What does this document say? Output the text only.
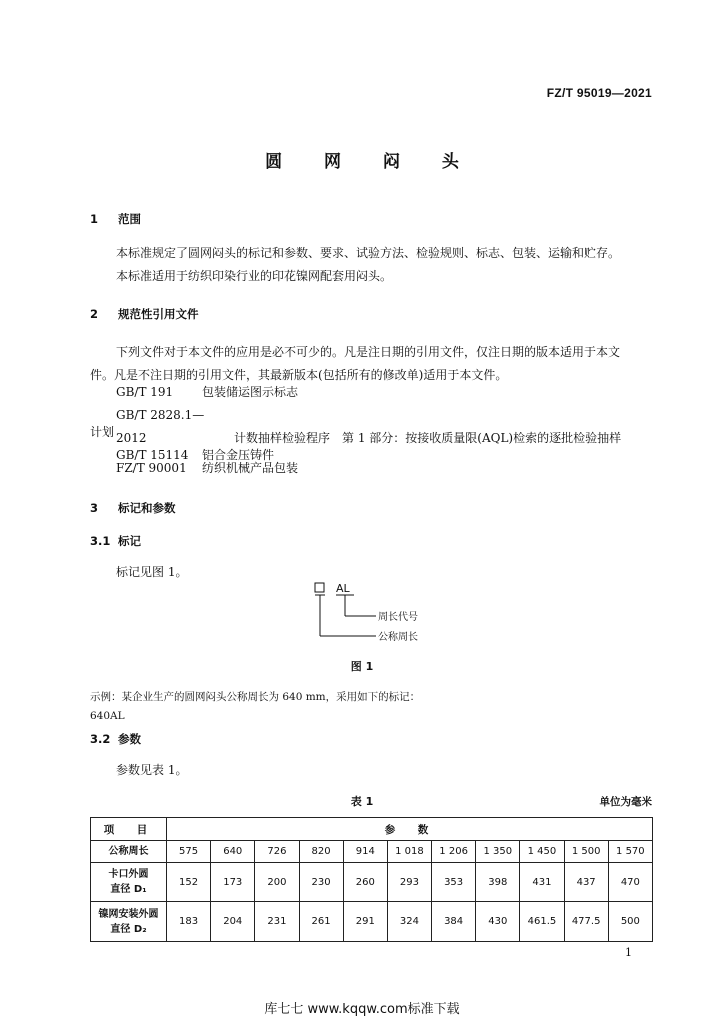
FZ/T 95019—2021
圆 网 闷 头
1 范围
本标准规定了圆网闷头的标记和参数、要求、试验方法、检验规则、标志、包装、运输和贮存。
本标准适用于纺织印染行业的印花镍网配套用闷头。
2 规范性引用文件
下列文件对于本文件的应用是必不可少的。凡是注日期的引用文件，仅注日期的版本适用于本文
件。凡是不注日期的引用文件，其最新版本(包括所有的修改单)适用于本文件。
GB/T 191 包装储运图示标志
GB/T 2828.1—2012	计数抽样检验程序　第 1 部分：按接收质量限(AQL)检索的逐批检验抽样
计划
GB/T 15114 铝合金压铸件
FZ/T 90001 纺织机械产品包装
3 标记和参数
3.1 标记
标记见图 1。
AL
周长代号
公称周长
图 1
示例：某企业生产的圆网闷头公称周长为 640 mm，采用如下的标记：
640AL
3.2 参数
参数见表 1。
表 1	单位为毫米
项　目	参　数										
公称周长	575	640	726	820	914	1 018	1 206	1 350	1 450	1 500	1 570

卡口外圆
直径 D₁	152	173	200	230	260	293	353	398	431	437	470

镍网安装外圆
直径 D₂	183	204	231	261	291	324	384	430	461.5	477.5	500
1
库七七 www.kqqw.com标准下载
